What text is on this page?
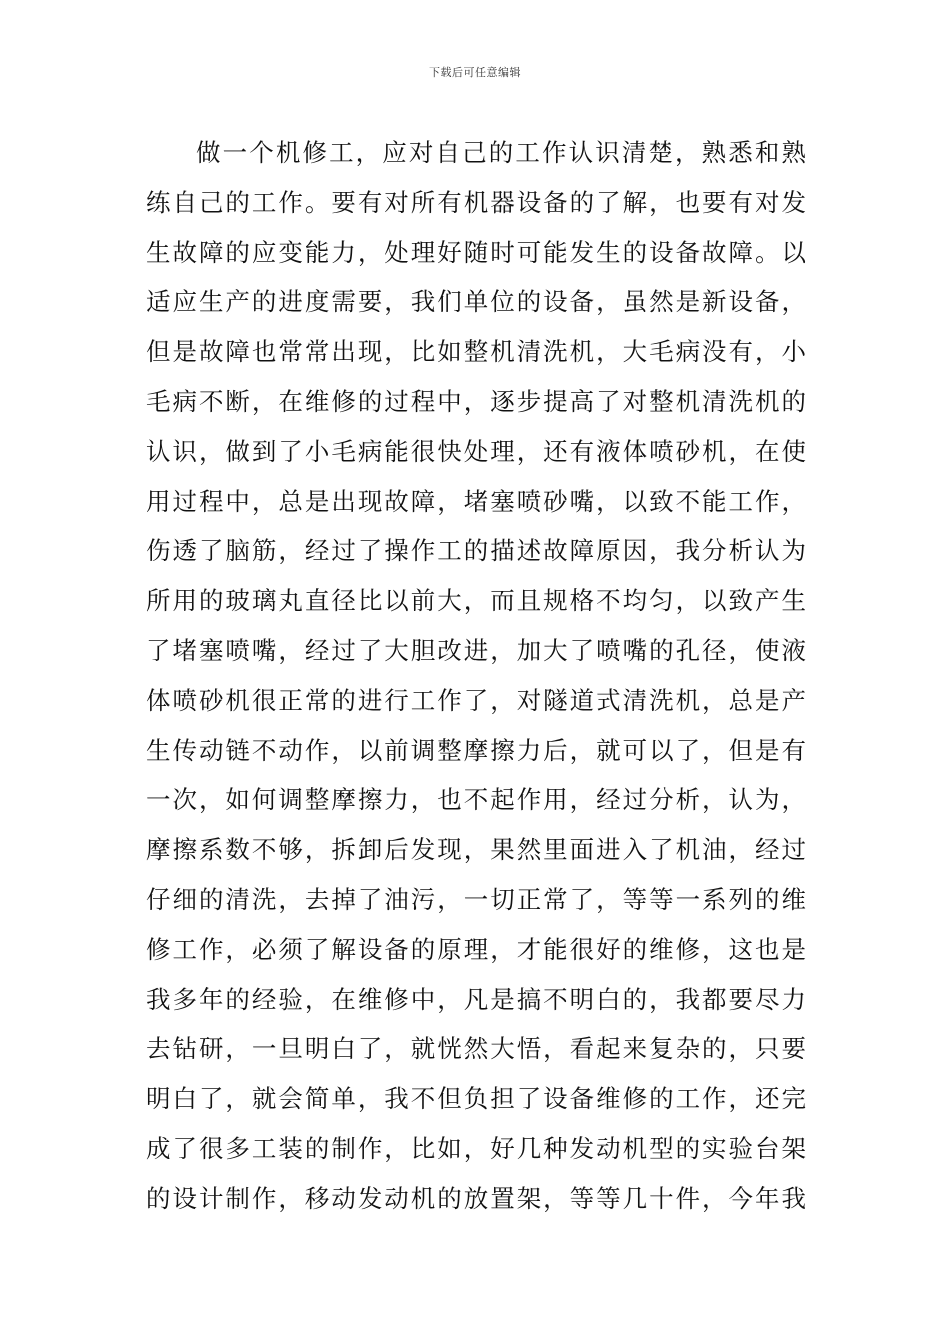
下载后可任意编辑
做一个机修工，应对自己的工作认识清楚，熟悉和熟
练自己的工作。要有对所有机器设备的了解，也要有对发
生故障的应变能力，处理好随时可能发生的设备故障。以
适应生产的进度需要，我们单位的设备，虽然是新设备，
但是故障也常常出现，比如整机清洗机，大毛病没有，小
毛病不断，在维修的过程中，逐步提高了对整机清洗机的
认识，做到了小毛病能很快处理，还有液体喷砂机，在使
用过程中，总是出现故障，堵塞喷砂嘴，以致不能工作，
伤透了脑筋，经过了操作工的描述故障原因，我分析认为
所用的玻璃丸直径比以前大，而且规格不均匀，以致产生
了堵塞喷嘴，经过了大胆改进，加大了喷嘴的孔径，使液
体喷砂机很正常的进行工作了，对隧道式清洗机，总是产
生传动链不动作，以前调整摩擦力后，就可以了，但是有
一次，如何调整摩擦力，也不起作用，经过分析，认为，
摩擦系数不够，拆卸后发现，果然里面进入了机油，经过
仔细的清洗，去掉了油污，一切正常了，等等一系列的维
修工作，必须了解设备的原理，才能很好的维修，这也是
我多年的经验，在维修中，凡是搞不明白的，我都要尽力
去钻研，一旦明白了，就恍然大悟，看起来复杂的，只要
明白了，就会简单，我不但负担了设备维修的工作，还完
成了很多工装的制作，比如，好几种发动机型的实验台架
的设计制作，移动发动机的放置架，等等几十件，今年我
